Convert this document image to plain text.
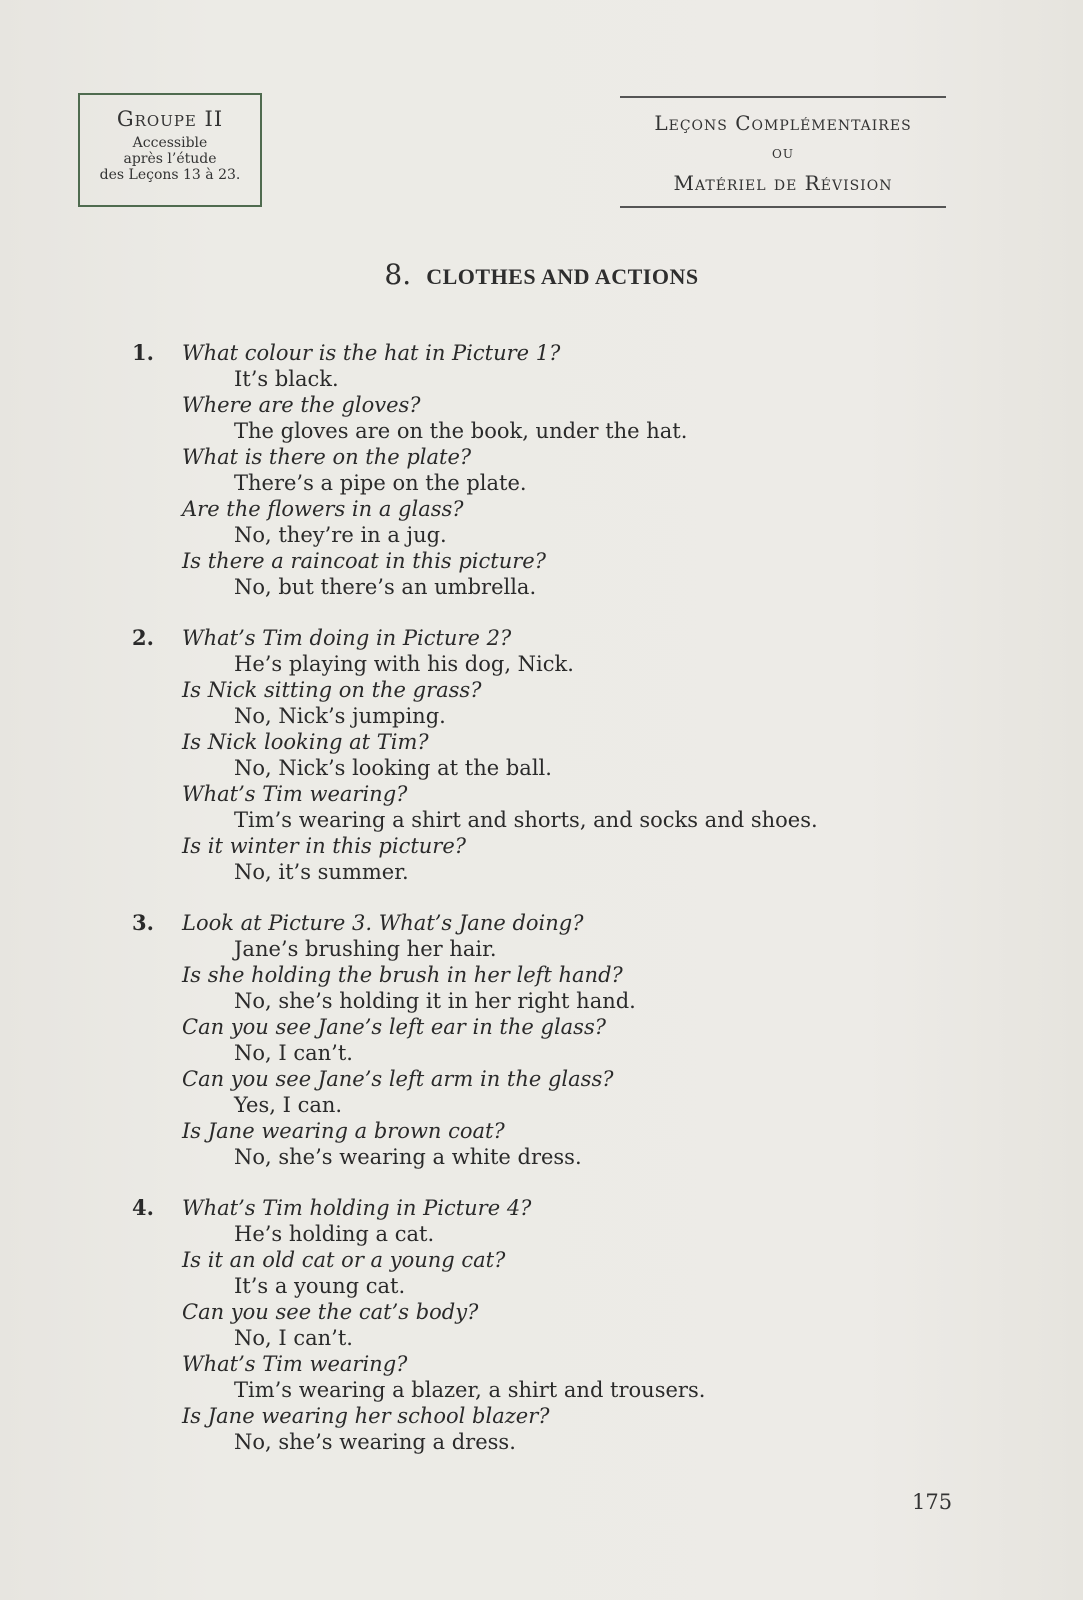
Groupe II
Accessible
après l’étude
des Leçons 13 à 23.
Leçons Complémentaires
ou
Matériel de Révision
8. CLOTHES AND ACTIONS
1. What colour is the hat in Picture 1?
It’s black.
Where are the gloves?
The gloves are on the book, under the hat.
What is there on the plate?
There’s a pipe on the plate.
Are the flowers in a glass?
No, they’re in a jug.
Is there a raincoat in this picture?
No, but there’s an umbrella.
2. What’s Tim doing in Picture 2?
He’s playing with his dog, Nick.
Is Nick sitting on the grass?
No, Nick’s jumping.
Is Nick looking at Tim?
No, Nick’s looking at the ball.
What’s Tim wearing?
Tim’s wearing a shirt and shorts, and socks and shoes.
Is it winter in this picture?
No, it’s summer.
3. Look at Picture 3. What’s Jane doing?
Jane’s brushing her hair.
Is she holding the brush in her left hand?
No, she’s holding it in her right hand.
Can you see Jane’s left ear in the glass?
No, I can’t.
Can you see Jane’s left arm in the glass?
Yes, I can.
Is Jane wearing a brown coat?
No, she’s wearing a white dress.
4. What’s Tim holding in Picture 4?
He’s holding a cat.
Is it an old cat or a young cat?
It’s a young cat.
Can you see the cat’s body?
No, I can’t.
What’s Tim wearing?
Tim’s wearing a blazer, a shirt and trousers.
Is Jane wearing her school blazer?
No, she’s wearing a dress.
175
